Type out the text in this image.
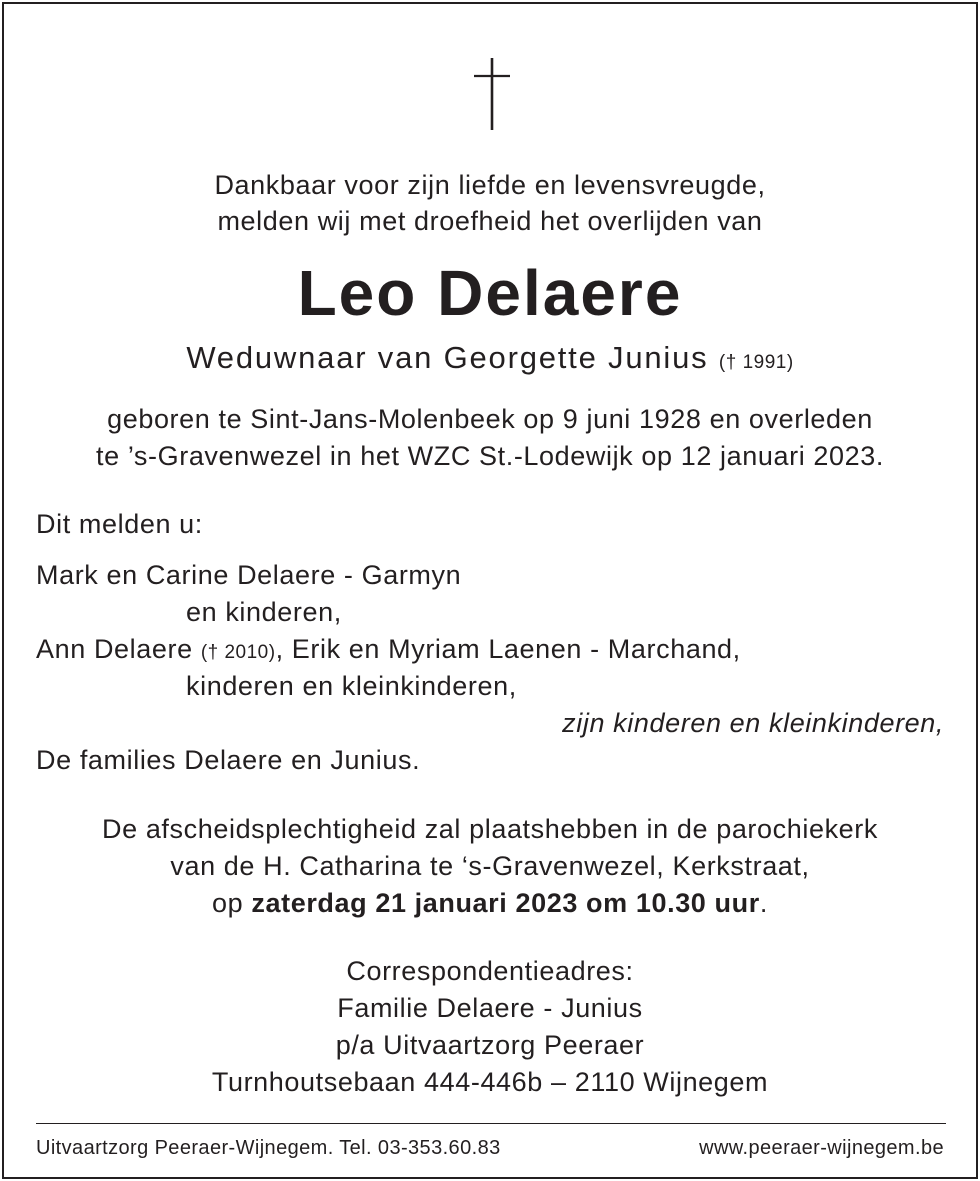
Dankbaar voor zijn liefde en levensvreugde,
melden wij met droefheid het overlijden van
Leo Delaere
Weduwnaar van Georgette Junius († 1991)
geboren te Sint-Jans-Molenbeek op 9 juni 1928 en overleden
te ’s-Gravenwezel in het WZC St.-Lodewijk op 12 januari 2023.
Dit melden u:
Mark en Carine Delaere - Garmyn
en kinderen,
Ann Delaere († 2010), Erik en Myriam Laenen - Marchand,
kinderen en kleinkinderen,
zijn kinderen en kleinkinderen,
De families Delaere en Junius.
De afscheidsplechtigheid zal plaatshebben in de parochiekerk
van de H. Catharina te ‘s-Gravenwezel, Kerkstraat,
op zaterdag 21 januari 2023 om 10.30 uur.
Correspondentieadres:
Familie Delaere - Junius
p/a Uitvaartzorg Peeraer
Turnhoutsebaan 444-446b – 2110 Wijnegem
Uitvaartzorg Peeraer-Wijnegem. Tel. 03-353.60.83	www.peeraer-wijnegem.be
